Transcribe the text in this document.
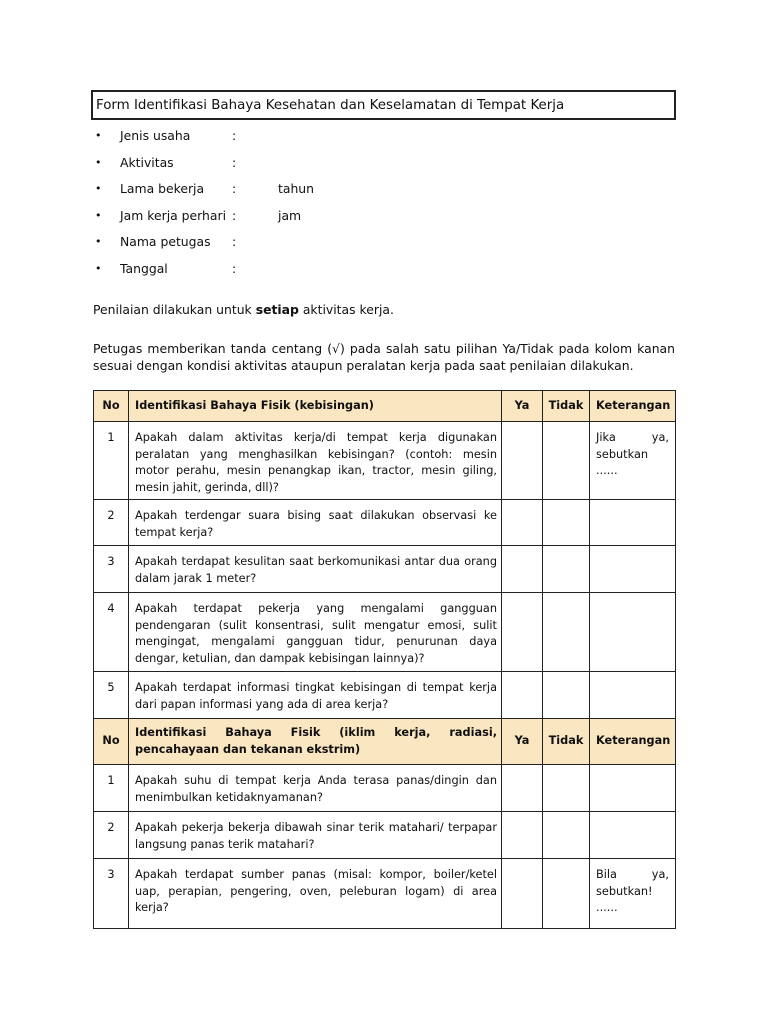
Form Identifikasi Bahaya Kesehatan dan Keselamatan di Tempat Kerja
• Jenis usaha	:
• Aktivitas	:
• Lama bekerja :	tahun
• Jam kerja perhari :	jam
• Nama petugas :
• Tanggal	:
Penilaian dilakukan untuk setiap aktivitas kerja.
Petugas memberikan tanda centang (√) pada salah satu pilihan Ya/Tidak pada kolom kanan sesuai dengan kondisi aktivitas ataupun peralatan kerja pada saat penilaian dilakukan.
No	Identifikasi Bahaya Fisik (kebisingan)	Ya	Tidak	Keterangan

1	Apakah dalam aktivitas kerja/di tempat kerja digunakan peralatan yang menghasilkan kebisingan? (contoh: mesin motor perahu, mesin penangkap ikan, tractor, mesin giling, mesin jahit, gerinda, dll)?			Jika ya,
sebutkan
......

2	Apakah terdengar suara bising saat dilakukan observasi ke tempat kerja?			

3	Apakah terdapat kesulitan saat berkomunikasi antar dua orang dalam jarak 1 meter?			

4	Apakah terdapat pekerja yang mengalami gangguan pendengaran (sulit konsentrasi, sulit mengatur emosi, sulit mengingat, mengalami gangguan tidur, penurunan daya dengar, ketulian, dan dampak kebisingan lainnya)?			

5	Apakah terdapat informasi tingkat kebisingan di tempat kerja dari papan informasi yang ada di area kerja?			

No	Identifikasi Bahaya Fisik (iklim kerja, radiasi, pencahayaan dan tekanan ekstrim)	Ya	Tidak	Keterangan

1	Apakah suhu di tempat kerja Anda terasa panas/dingin dan menimbulkan ketidaknyamanan?			

2	Apakah pekerja bekerja dibawah sinar terik matahari/ terpapar langsung panas terik matahari?			

3	Apakah terdapat sumber panas (misal: kompor, boiler/ketel uap, perapian, pengering, oven, peleburan logam) di area kerja?			Bila ya,
sebutkan!
......
